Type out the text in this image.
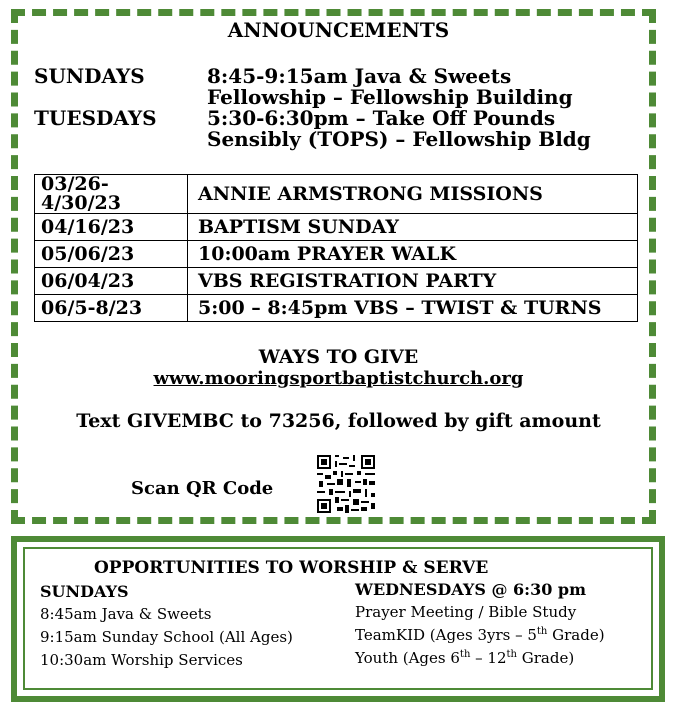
ANNOUNCEMENTS
SUNDAYS	8:45-9:15am Java & Sweets
Fellowship – Fellowship Building
TUESDAYS	5:30-6:30pm – Take Off Pounds
Sensibly (TOPS) – Fellowship Bldg
03/26-
4/30/23	ANNIE ARMSTRONG MISSIONS
04/16/23	BAPTISM SUNDAY
05/06/23	10:00am PRAYER WALK
06/04/23	VBS REGISTRATION PARTY
06/5-8/23	5:00 – 8:45pm VBS – TWIST & TURNS
WAYS TO GIVE
www.mooringsportbaptistchurch.org
Text GIVEMBC to 73256, followed by gift amount
Scan QR Code
OPPORTUNITIES TO WORSHIP & SERVE
SUNDAYS
8:45am Java & Sweets
9:15am Sunday School (All Ages)
10:30am Worship Services
WEDNESDAYS @ 6:30 pm
Prayer Meeting / Bible Study
TeamKID (Ages 3yrs – 5th Grade)
Youth (Ages 6th – 12th Grade)
